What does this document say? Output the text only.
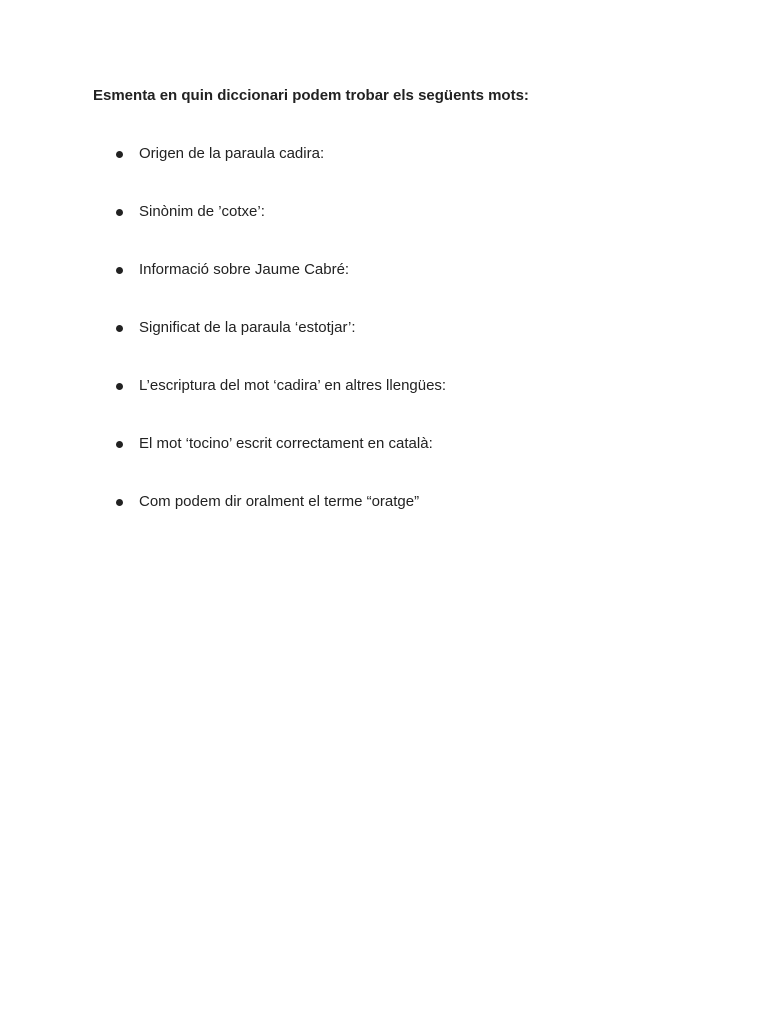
Esmenta en quin diccionari podem trobar els següents mots:
Origen de la paraula cadira:
Sinònim de ’cotxe’:
Informació sobre Jaume Cabré:
Significat de la paraula ‘estotjar’:
L’escriptura del mot ‘cadira’ en altres llengües:
El mot ‘tocino’ escrit correctament en català:
Com podem dir oralment el terme “oratge”
